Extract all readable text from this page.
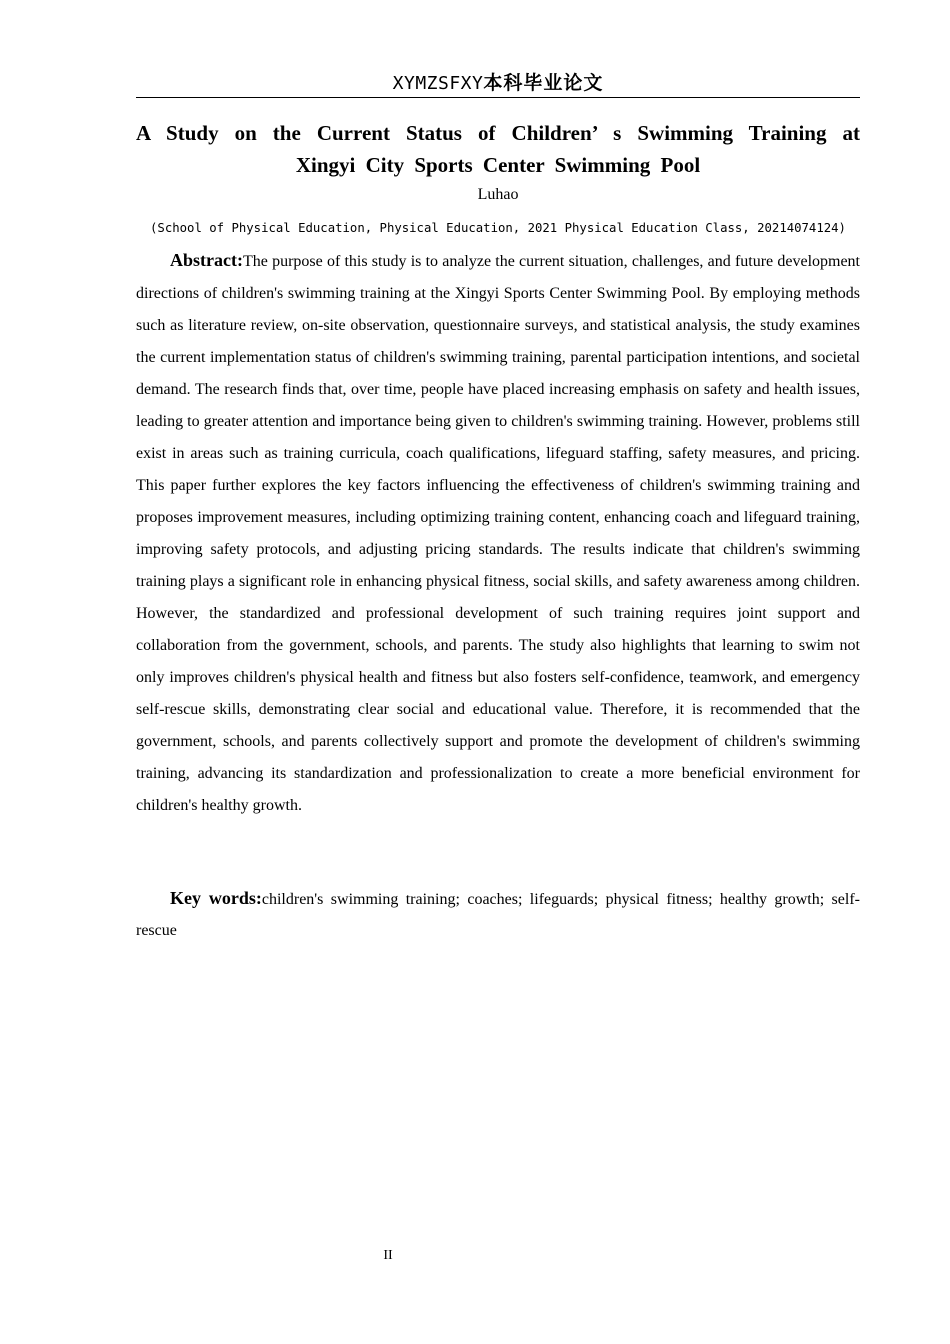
XYMZSFXY本科毕业论文
A Study on the Current Status of Children’ s Swimming Training at
Xingyi City Sports Center Swimming Pool
Luhao
(School of Physical Education, Physical Education, 2021 Physical Education Class, 20214074124)

Abstract:The purpose of this study is to analyze the current situation, challenges, and future development directions of children's swimming training at the Xingyi Sports Center Swimming Pool. By employing methods such as literature review, on-site observation, questionnaire surveys, and statistical analysis, the study examines the current implementation status of children's swimming training, parental participation intentions, and societal demand. The research finds that, over time, people have placed increasing emphasis on safety and health issues, leading to greater attention and importance being given to children's swimming training. However, problems still exist in areas such as training curricula, coach qualifications, lifeguard staffing, safety measures, and pricing. This paper further explores the key factors influencing the effectiveness of children's swimming training and proposes improvement measures, including optimizing training content, enhancing coach and lifeguard training, improving safety protocols, and adjusting pricing standards. The results indicate that children's swimming training plays a significant role in enhancing physical fitness, social skills, and safety awareness among children. However, the standardized and professional development of such training requires joint support and collaboration from the government, schools, and parents. The study also highlights that learning to swim not only improves children's physical health and fitness but also fosters self-confidence, teamwork, and emergency self-rescue skills, demonstrating clear social and educational value. Therefore, it is recommended that the government, schools, and parents collectively support and promote the development of children's swimming training, advancing its standardization and professionalization to create a more beneficial environment for children's healthy growth.

Key words:children's swimming training; coaches; lifeguards; physical fitness; healthy growth; self-rescue

II
